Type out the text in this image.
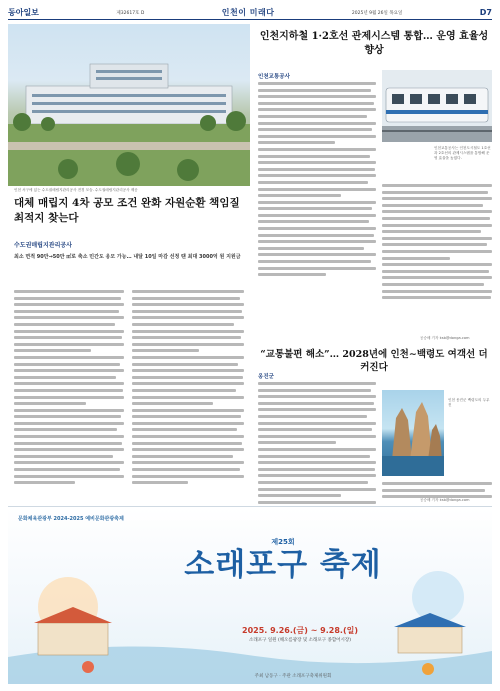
동아일보	제32617호 D	인천이 미래다	2025년 9월 26일 목요일	D7
인천 서구에 있는 수도권매립지관리공사 전경 모습. 수도권매립지관리공사 제공
대체 매립지 4차 공모 조건 완화 자원순환 책임질 최적지 찾는다
수도권매립지관리공사
최소 면적 90만→50만 ㎡로 축소 민간도 응모 가능… 내달 10일 마감 선정 땐 최대 3000억 원 지원금
인천지하철 1·2호선 관제시스템 통합… 운영 효율성 향상
인천교통공사
인천교통공사는 인천도시철도 1호선과 2호선의 관제시스템을 통합해 운영 효율을 높였다.
공승배 기자 ksb@donga.com
“교통불편 해소”… 2028년에 인천∼백령도 여객선 더 커진다
옹진군
인천 옹진군 백령도의 두무진
공승배 기자 ksb@donga.com
문화체육관광부 2024-2025 예비문화관광축제
제25회
소래포구 축제
2025. 9.26.(금) ~ 9.28.(일)
소래포구 일원 (해오름광장 및 소래포구 종합어시장)
주최 남동구 · 주관 소래포구축제위원회
